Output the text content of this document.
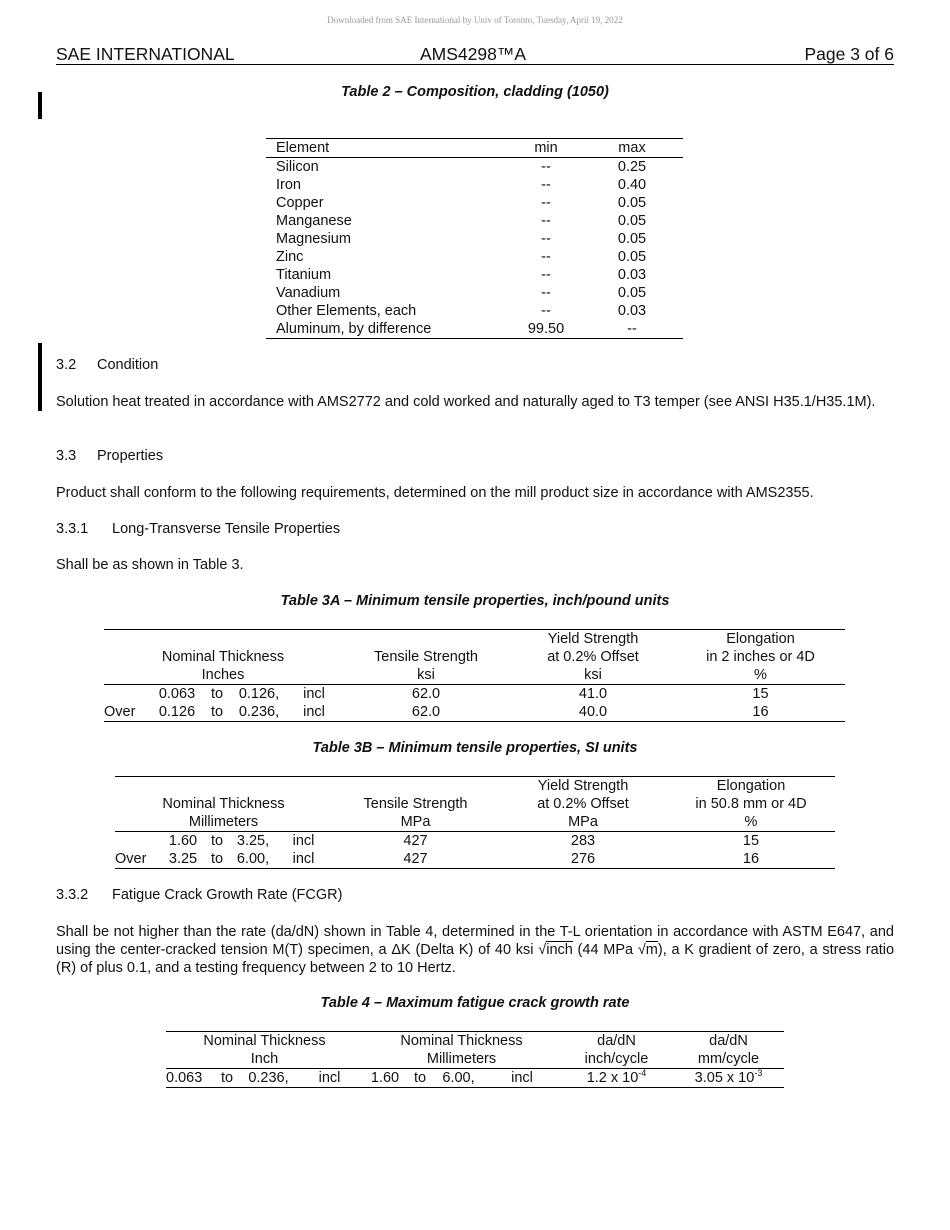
Downloaded from SAE International by Univ of Toronto, Tuesday, April 19, 2022
SAE INTERNATIONAL	AMS4298™A	Page 3 of 6
Table 2 – Composition, cladding (1050)
Element	min	max
Silicon	--	0.25
Iron	--	0.40
Copper	--	0.05
Manganese	--	0.05
Magnesium	--	0.05
Zinc	--	0.05
Titanium	--	0.03
Vanadium	--	0.05
Other Elements, each	--	0.03
Aluminum, by difference	99.50	--
3.2 Condition
Solution heat treated in accordance with AMS2772 and cold worked and naturally aged to T3 temper (see ANSI H35.1/H35.1M).
3.3 Properties
Product shall conform to the following requirements, determined on the mill product size in accordance with AMS2355.
3.3.1 Long-Transverse Tensile Properties
Shall be as shown in Table 3.
Table 3A – Minimum tensile properties, inch/pound units
						Yield Strength	Elongation
Nominal Thickness					Tensile Strength	at 0.2% Offset	in 2 inches or 4D
Inches					ksi	ksi	%
	0.063	to	0.126,	incl	62.0	41.0	15
Over	0.126	to	0.236,	incl	62.0	40.0	16
Table 3B – Minimum tensile properties, SI units
						Yield Strength	Elongation
Nominal Thickness					Tensile Strength	at 0.2% Offset	in 50.8 mm or 4D
Millimeters					MPa	MPa	%
	1.60	to	3.25,	incl	427	283	15
Over	3.25	to	6.00,	incl	427	276	16
3.3.2 Fatigue Crack Growth Rate (FCGR)
Shall be not higher than the rate (da/dN) shown in Table 4, determined in the T-L orientation in accordance with ASTM E647, and using the center-cracked tension M(T) specimen, a ΔK (Delta K) of 40 ksi √inch (44 MPa √m), a K gradient of zero, a stress ratio (R) of plus 0.1, and a testing frequency between 2 to 10 Hertz.
Table 4 – Maximum fatigue crack growth rate
Nominal Thickness				Nominal Thickness				da/dN	da/dN
Inch				Millimeters				inch/cycle	mm/cycle
0.063	to	0.236,	incl	1.60	to	6.00,	incl	1.2 x $10^{-4}$	3.05 x $10^{-3}$
